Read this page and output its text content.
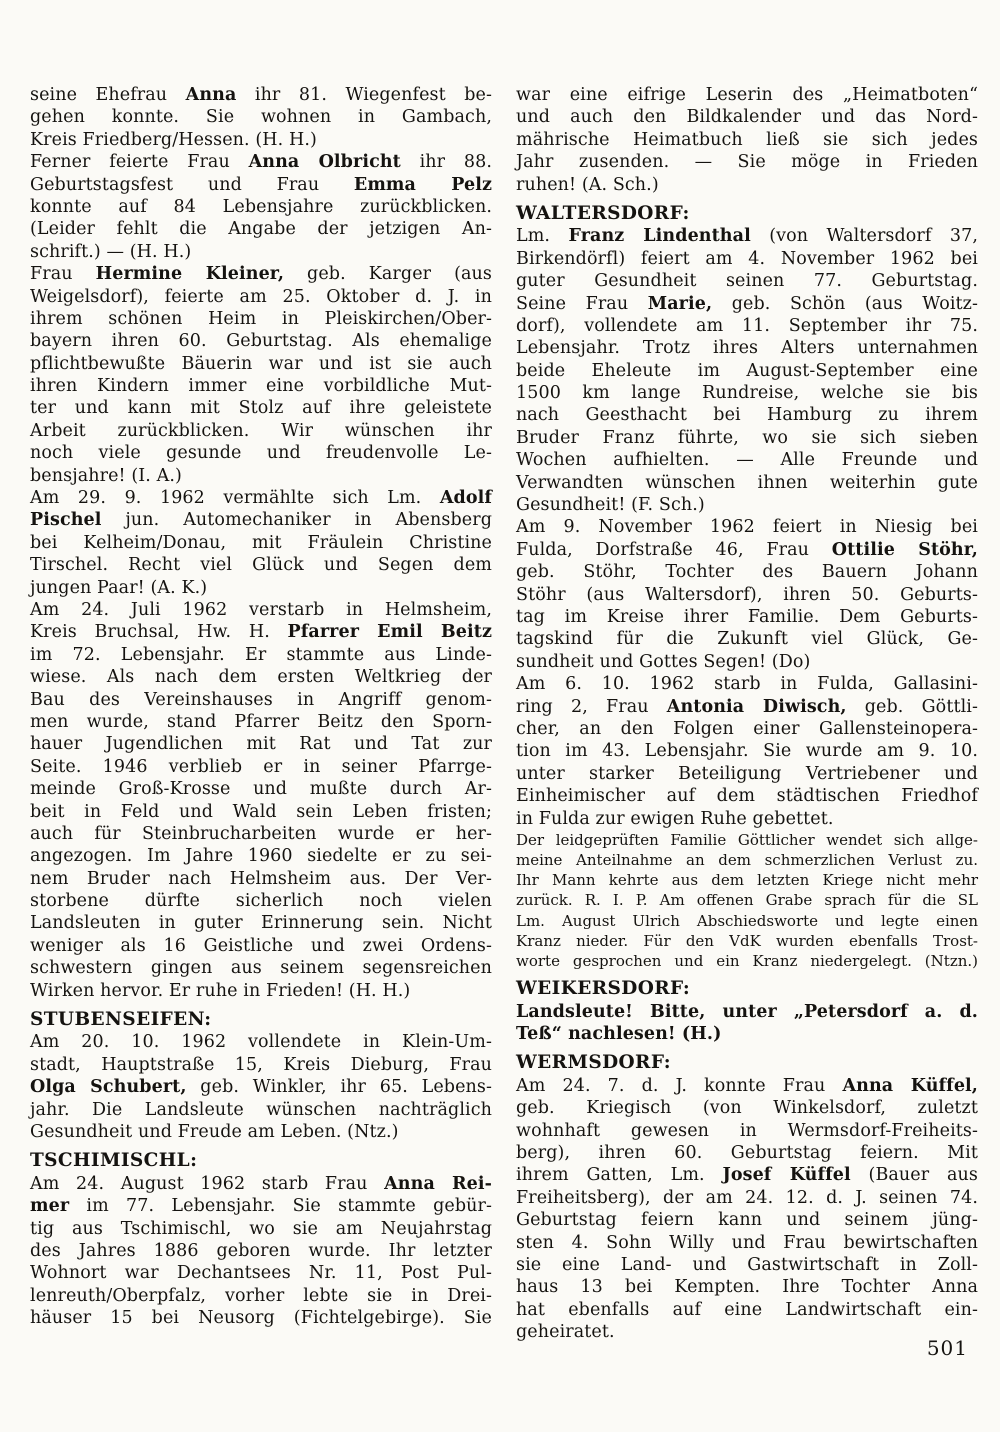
seine Ehefrau Anna ihr 81. Wiegenfest be-
gehen konnte. Sie wohnen in Gambach,
Kreis Friedberg/Hessen. (H. H.)
Ferner feierte Frau Anna Olbricht ihr 88.
Geburtstagsfest und Frau Emma Pelz
konnte auf 84 Lebensjahre zurückblicken.
(Leider fehlt die Angabe der jetzigen An-
schrift.) — (H. H.)
Frau Hermine Kleiner, geb. Karger (aus
Weigelsdorf), feierte am 25. Oktober d. J. in
ihrem schönen Heim in Pleiskirchen/Ober-
bayern ihren 60. Geburtstag. Als ehemalige
pflichtbewußte Bäuerin war und ist sie auch
ihren Kindern immer eine vorbildliche Mut-
ter und kann mit Stolz auf ihre geleistete
Arbeit zurückblicken. Wir wünschen ihr
noch viele gesunde und freudenvolle Le-
bensjahre! (I. A.)
Am 29. 9. 1962 vermählte sich Lm. Adolf
Pischel jun. Automechaniker in Abensberg
bei Kelheim/Donau, mit Fräulein Christine
Tirschel. Recht viel Glück und Segen dem
jungen Paar! (A. K.)
Am 24. Juli 1962 verstarb in Helmsheim,
Kreis Bruchsal, Hw. H. Pfarrer Emil Beitz
im 72. Lebensjahr. Er stammte aus Linde-
wiese. Als nach dem ersten Weltkrieg der
Bau des Vereinshauses in Angriff genom-
men wurde, stand Pfarrer Beitz den Sporn-
hauer Jugendlichen mit Rat und Tat zur
Seite. 1946 verblieb er in seiner Pfarrge-
meinde Groß-Krosse und mußte durch Ar-
beit in Feld und Wald sein Leben fristen;
auch für Steinbrucharbeiten wurde er her-
angezogen. Im Jahre 1960 siedelte er zu sei-
nem Bruder nach Helmsheim aus. Der Ver-
storbene dürfte sicherlich noch vielen
Landsleuten in guter Erinnerung sein. Nicht
weniger als 16 Geistliche und zwei Ordens-
schwestern gingen aus seinem segensreichen
Wirken hervor. Er ruhe in Frieden! (H. H.)
STUBENSEIFEN:
Am 20. 10. 1962 vollendete in Klein-Um-
stadt, Hauptstraße 15, Kreis Dieburg, Frau
Olga Schubert, geb. Winkler, ihr 65. Lebens-
jahr. Die Landsleute wünschen nachträglich
Gesundheit und Freude am Leben. (Ntz.)
TSCHIMISCHL:
Am 24. August 1962 starb Frau Anna Rei-
mer im 77. Lebensjahr. Sie stammte gebür-
tig aus Tschimischl, wo sie am Neujahrstag
des Jahres 1886 geboren wurde. Ihr letzter
Wohnort war Dechantsees Nr. 11, Post Pul-
lenreuth/Oberpfalz, vorher lebte sie in Drei-
häuser 15 bei Neusorg (Fichtelgebirge). Sie
war eine eifrige Leserin des „Heimatboten“
und auch den Bildkalender und das Nord-
mährische Heimatbuch ließ sie sich jedes
Jahr zusenden. — Sie möge in Frieden
ruhen! (A. Sch.)
WALTERSDORF:
Lm. Franz Lindenthal (von Waltersdorf 37,
Birkendörfl) feiert am 4. November 1962 bei
guter Gesundheit seinen 77. Geburtstag.
Seine Frau Marie, geb. Schön (aus Woitz-
dorf), vollendete am 11. September ihr 75.
Lebensjahr. Trotz ihres Alters unternahmen
beide Eheleute im August-September eine
1500 km lange Rundreise, welche sie bis
nach Geesthacht bei Hamburg zu ihrem
Bruder Franz führte, wo sie sich sieben
Wochen aufhielten. — Alle Freunde und
Verwandten wünschen ihnen weiterhin gute
Gesundheit! (F. Sch.)
Am 9. November 1962 feiert in Niesig bei
Fulda, Dorfstraße 46, Frau Ottilie Stöhr,
geb. Stöhr, Tochter des Bauern Johann
Stöhr (aus Waltersdorf), ihren 50. Geburts-
tag im Kreise ihrer Familie. Dem Geburts-
tagskind für die Zukunft viel Glück, Ge-
sundheit und Gottes Segen! (Do)
Am 6. 10. 1962 starb in Fulda, Gallasini-
ring 2, Frau Antonia Diwisch, geb. Göttli-
cher, an den Folgen einer Gallensteinopera-
tion im 43. Lebensjahr. Sie wurde am 9. 10.
unter starker Beteiligung Vertriebener und
Einheimischer auf dem städtischen Friedhof
in Fulda zur ewigen Ruhe gebettet.
Der leidgeprüften Familie Göttlicher wendet sich allge-
meine Anteilnahme an dem schmerzlichen Verlust zu.
Ihr Mann kehrte aus dem letzten Kriege nicht mehr
zurück. R. I. P. Am offenen Grabe sprach für die SL
Lm. August Ulrich Abschiedsworte und legte einen
Kranz nieder. Für den VdK wurden ebenfalls Trost-
worte gesprochen und ein Kranz niedergelegt. (Ntzn.)
WEIKERSDORF:
Landsleute! Bitte, unter „Petersdorf a. d.
Teß“ nachlesen! (H.)
WERMSDORF:
Am 24. 7. d. J. konnte Frau Anna Küffel,
geb. Kriegisch (von Winkelsdorf, zuletzt
wohnhaft gewesen in Wermsdorf-Freiheits-
berg), ihren 60. Geburtstag feiern. Mit
ihrem Gatten, Lm. Josef Küffel (Bauer aus
Freiheitsberg), der am 24. 12. d. J. seinen 74.
Geburtstag feiern kann und seinem jüng-
sten 4. Sohn Willy und Frau bewirtschaften
sie eine Land- und Gastwirtschaft in Zoll-
haus 13 bei Kempten. Ihre Tochter Anna
hat ebenfalls auf eine Landwirtschaft ein-
geheiratet.
501
